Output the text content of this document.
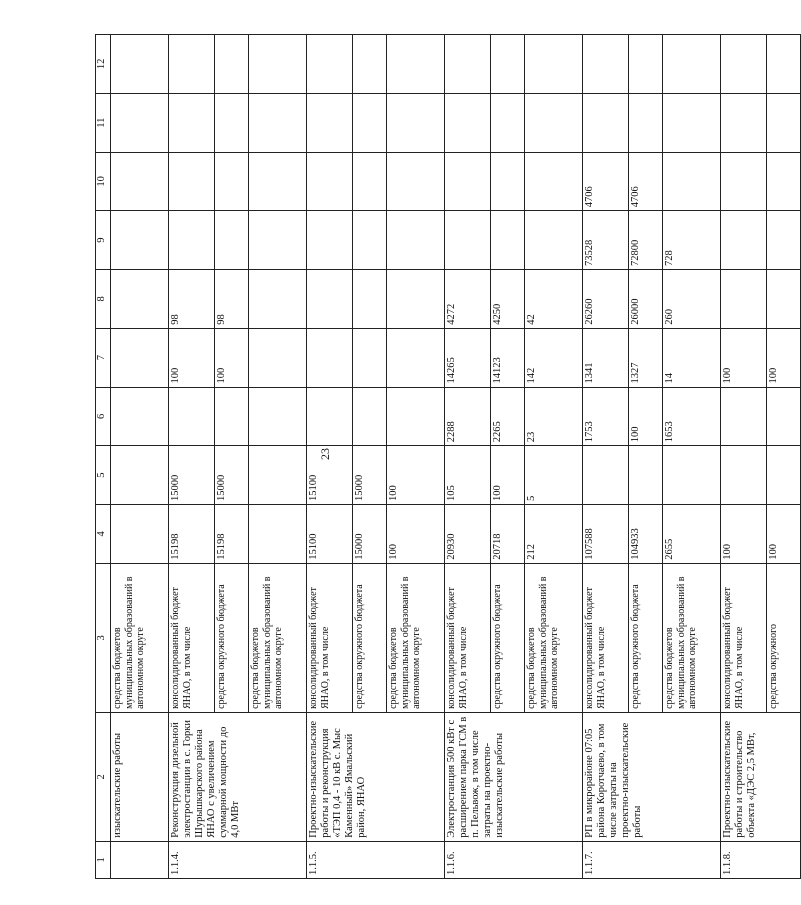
23
1	2	3	4	5	6	7	8	9	10	11	12
	изыскательские работы	средства бюджетов муниципальных образований в автономном округе									
1.1.4.	Реконструкция дизельной электростанции в с. Горки Шурышкарского района ЯНАО с увеличением суммарной мощности до 4,0 МВт	консолидированный бюджет ЯНАО, в том числе	15198	15000		100	98				
		средства окружного бюджета	15198	15000		100	98				
		средства бюджетов муниципальных образований в автономном округе									
1.1.5.	Проектно-изыскательские работы и реконструкция «ТЭП 0,4 - 10 кВ с. Мыс Каменный» Ямальский район, ЯНАО	консолидированный бюджет ЯНАО, в том числе	15100	15100							
		средства окружного бюджета	15000	15000							
		средства бюджетов муниципальных образований в автономном округе	100	100							
1.1.6.	Электростанция 500 кВт с расширением парка ГСМ в п. Пельвож, в том числе затраты на проектно-изыскательские работы	консолидированный бюджет ЯНАО, в том числе	20930	105	2288	14265	4272				
		средства окружного бюджета	20718	100	2265	14123	4250				
		средства бюджетов муниципальных образований в автономном округе	212	5	23	142	42				
1.1.7.	РП в микрорайоне 07:05 района Коротчаево, в том числе затраты на проектно-изыскательские работы	консолидированный бюджет ЯНАО, в том числе	107588		1753	1341	26260	73528	4706		
		средства окружного бюджета	104933		100	1327	26000	72800	4706		
		средства бюджетов муниципальных образований в автономном округе	2655		1653	14	260	728			
1.1.8.	Проектно-изыскательские работы и строительство объекта «ДЭС 2,5 МВт,	консолидированный бюджет ЯНАО, в том числе	100			100					
		средства окружного	100			100					
